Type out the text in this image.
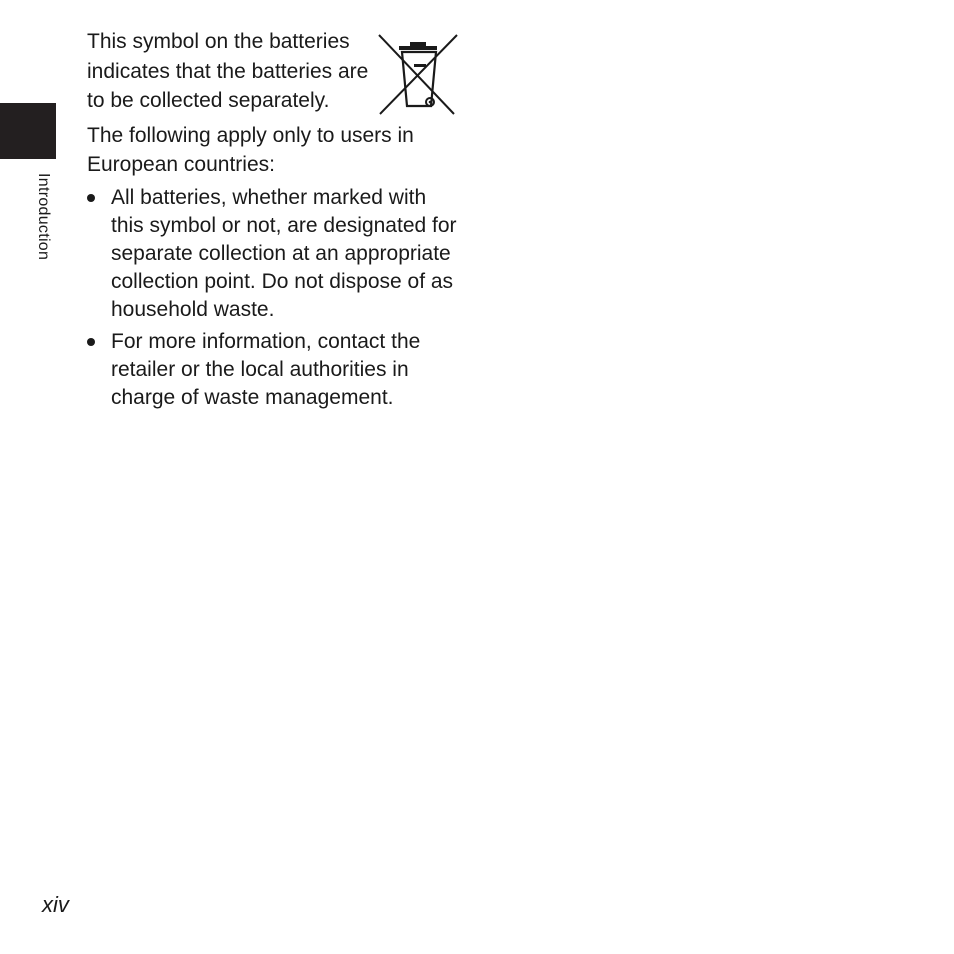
Introduction

This symbol on the batteries indicates that the batteries are to be collected separately.

The following apply only to users in European countries:

All batteries, whether marked with this symbol or not, are designated for separate collection at an appropriate collection point. Do not dispose of as household waste.
For more information, contact the retailer or the local authorities in charge of waste management.
xiv
